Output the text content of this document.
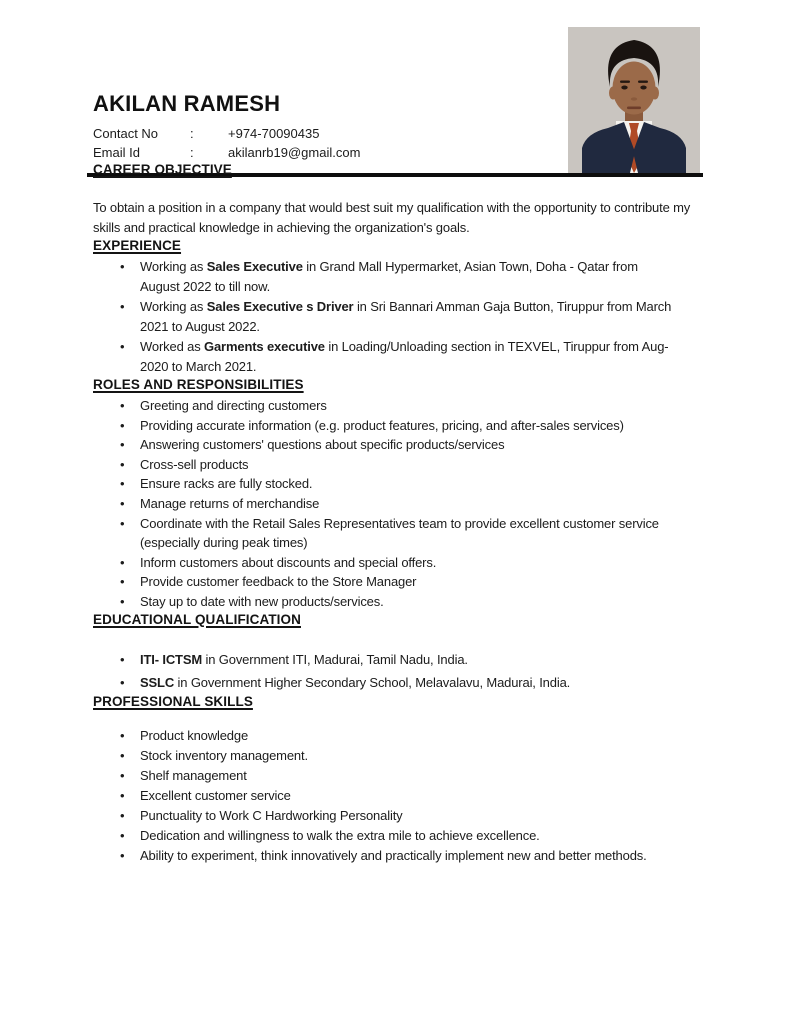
AKILAN RAMESH
Contact No	:	+974-70090435
Email Id	:	akilanrb19@gmail.com
CAREER OBJECTIVE

To obtain a position in a company that would best suit my qualification with the opportunity to contribute my skills and practical knowledge in achieving the organization's goals.

EXPERIENCE
•	Working as Sales Executive in Grand Mall Hypermarket, Asian Town, Doha - Qatar from August 2022 to till now.
•	Working as Sales Executive s Driver in Sri Bannari Amman Gaja Button, Tiruppur from March 2021 to August 2022.
•	Worked as Garments executive in Loading/Unloading section in TEXVEL, Tiruppur from Aug-2020 to March 2021.
ROLES AND RESPONSIBILITIES
•	Greeting and directing customers
•	Providing accurate information (e.g. product features, pricing, and after-sales services)
•	Answering customers' questions about specific products/services
•	Cross-sell products
•	Ensure racks are fully stocked.
•	Manage returns of merchandise
•	Coordinate with the Retail Sales Representatives team to provide excellent customer service (especially during peak times)
•	Inform customers about discounts and special offers.
•	Provide customer feedback to the Store Manager
•	Stay up to date with new products/services.
EDUCATIONAL QUALIFICATION
•	ITI- ICTSM in Government ITI, Madurai, Tamil Nadu, India.
•	SSLC in Government Higher Secondary School, Melavalavu, Madurai, India.
PROFESSIONAL SKILLS
•	Product knowledge
•	Stock inventory management.
•	Shelf management
•	Excellent customer service
•	Punctuality to Work C Hardworking Personality
•	Dedication and willingness to walk the extra mile to achieve excellence.
•	Ability to experiment, think innovatively and practically implement new and better methods.
